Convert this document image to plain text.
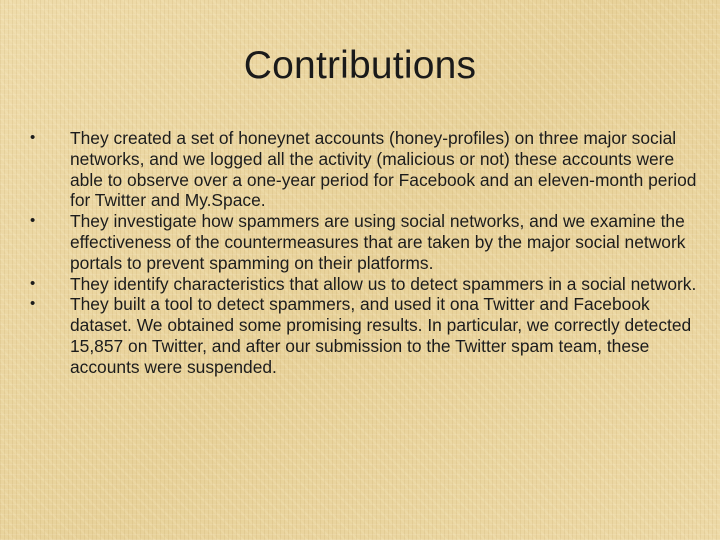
Contributions
•	They created a set of honeynet accounts (honey-profiles) on three major social networks, and we logged all the activity (malicious or not) these accounts were able to observe over a one-year period for Facebook and an eleven-month period for Twitter and My.Space.
•	They investigate how spammers are using social networks, and we examine the effectiveness of the countermeasures that are taken by the major social network portals to prevent spamming on their platforms.
•	They identify characteristics that allow us to detect spammers in a social network.
•	They built a tool to detect spammers, and used it ona Twitter and Facebook dataset. We obtained some promising results. In particular, we correctly detected 15,857 on Twitter, and after our submission to the Twitter spam team, these accounts were suspended.
